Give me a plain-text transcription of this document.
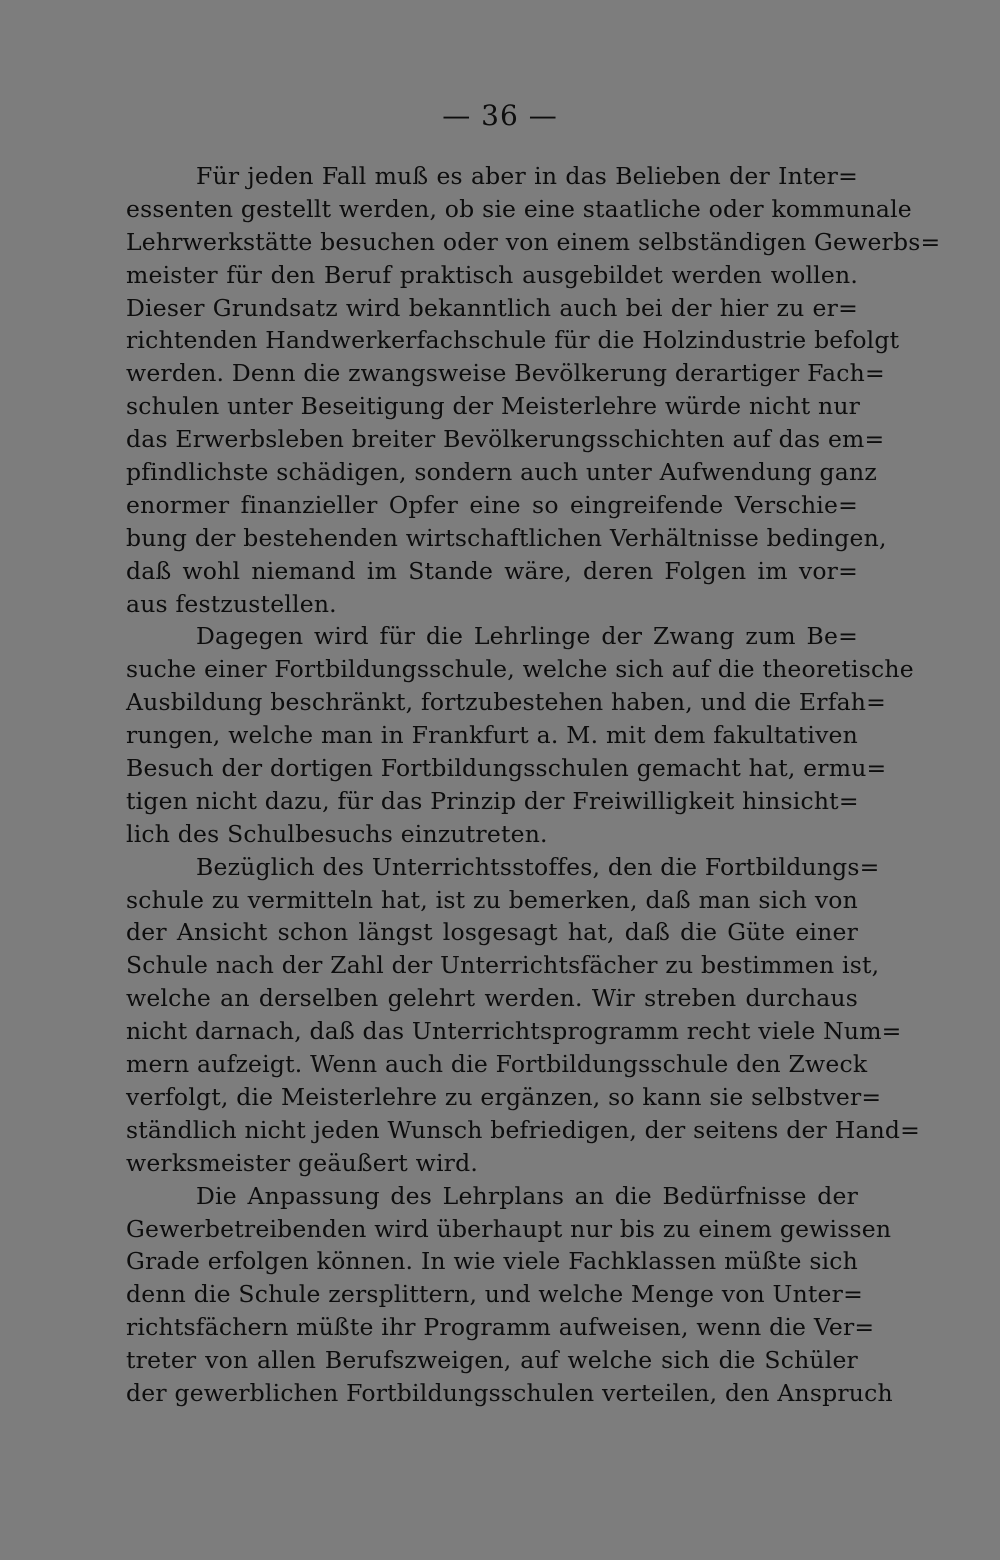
— 36 —
Für jeden Fall muß es aber in das Belieben der Inter=
essenten gestellt werden, ob sie eine staatliche oder kommunale
Lehrwerkstätte besuchen oder von einem selbständigen Gewerbs=
meister für den Beruf praktisch ausgebildet werden wollen.
Dieser Grundsatz wird bekanntlich auch bei der hier zu er=
richtenden Handwerkerfachschule für die Holzindustrie befolgt
werden. Denn die zwangsweise Bevölkerung derartiger Fach=
schulen unter Beseitigung der Meisterlehre würde nicht nur
das Erwerbsleben breiter Bevölkerungsschichten auf das em=
pfindlichste schädigen, sondern auch unter Aufwendung ganz
enormer finanzieller Opfer eine so eingreifende Verschie=
bung der bestehenden wirtschaftlichen Verhältnisse bedingen,
daß wohl niemand im Stande wäre, deren Folgen im vor=
aus festzustellen.
Dagegen wird für die Lehrlinge der Zwang zum Be=
suche einer Fortbildungsschule, welche sich auf die theoretische
Ausbildung beschränkt, fortzubestehen haben, und die Erfah=
rungen, welche man in Frankfurt a. M. mit dem fakultativen
Besuch der dortigen Fortbildungsschulen gemacht hat, ermu=
tigen nicht dazu, für das Prinzip der Freiwilligkeit hinsicht=
lich des Schulbesuchs einzutreten.
Bezüglich des Unterrichtsstoffes, den die Fortbildungs=
schule zu vermitteln hat, ist zu bemerken, daß man sich von
der Ansicht schon längst losgesagt hat, daß die Güte einer
Schule nach der Zahl der Unterrichtsfächer zu bestimmen ist,
welche an derselben gelehrt werden. Wir streben durchaus
nicht darnach, daß das Unterrichtsprogramm recht viele Num=
mern aufzeigt. Wenn auch die Fortbildungsschule den Zweck
verfolgt, die Meisterlehre zu ergänzen, so kann sie selbstver=
ständlich nicht jeden Wunsch befriedigen, der seitens der Hand=
werksmeister geäußert wird.
Die Anpassung des Lehrplans an die Bedürfnisse der
Gewerbetreibenden wird überhaupt nur bis zu einem gewissen
Grade erfolgen können. In wie viele Fachklassen müßte sich
denn die Schule zersplittern, und welche Menge von Unter=
richtsfächern müßte ihr Programm aufweisen, wenn die Ver=
treter von allen Berufszweigen, auf welche sich die Schüler
der gewerblichen Fortbildungsschulen verteilen, den Anspruch
